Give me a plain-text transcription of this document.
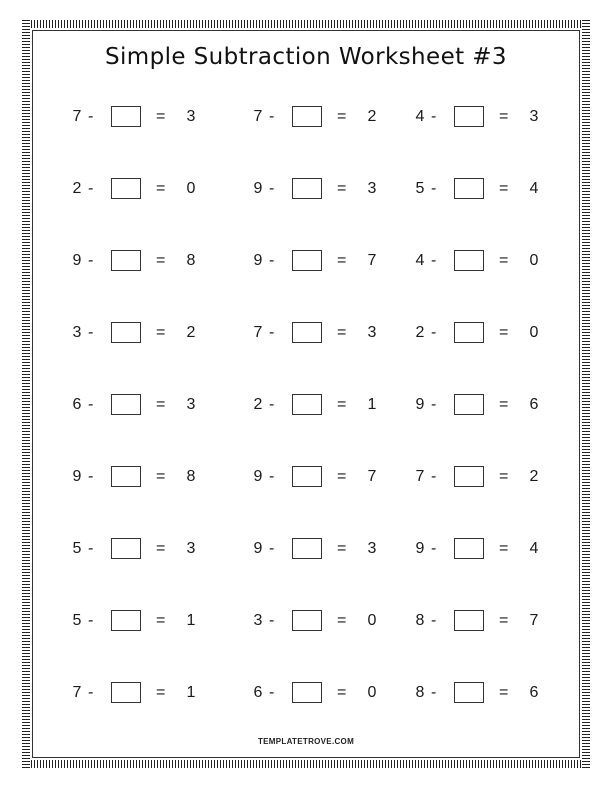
Simple Subtraction Worksheet #3
7 -	= 3	7 -	= 2 4 -	= 3
2 -	= 0	9 -	= 3 5 -	= 4
9 -	= 8	9 -	= 7 4 -	= 0
3 -	= 2	7 -	= 3 2 -	= 0
6 -	= 3	2 -	= 1 9 -	= 6
9 -	= 8	9 -	= 7 7 -	= 2
5 -	= 3	9 -	= 3 9 -	= 4
5 -	= 1	3 -	= 0 8 -	= 7
7 -	= 1	6 -	= 0 8 -	= 6
TEMPLATETROVE.COM
